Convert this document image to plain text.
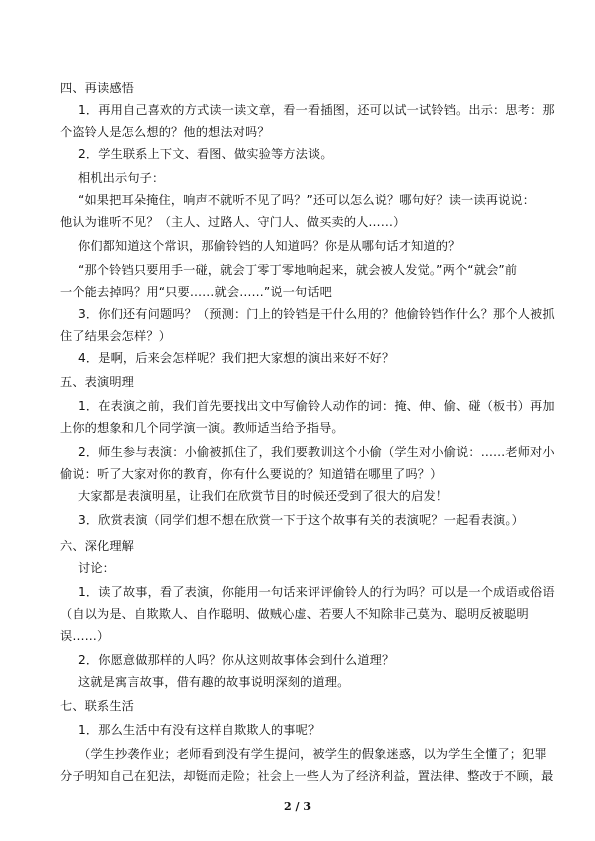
四、再读感悟
1．再用自己喜欢的方式读一读文章，看一看插图，还可以试一试铃铛。出示：思考：那
个盗铃人是怎么想的？他的想法对吗？
2．学生联系上下文、看图、做实验等方法谈。
相机出示句子：
“如果把耳朵掩住，响声不就听不见了吗？”还可以怎么说？哪句好？读一读再说说：
他认为谁听不见？（主人、过路人、守门人、做买卖的人……）
你们都知道这个常识，那偷铃铛的人知道吗？你是从哪句话才知道的？
“那个铃铛只要用手一碰，就会丁零丁零地响起来，就会被人发觉。”两个“就会”前
一个能去掉吗？用“只要……就会……”说一句话吧
3．你们还有问题吗？（预测：门上的铃铛是干什么用的？他偷铃铛作什么？那个人被抓
住了结果会怎样？）
4．是啊，后来会怎样呢？我们把大家想的演出来好不好？
五、表演明理
1．在表演之前，我们首先要找出文中写偷铃人动作的词：掩、伸、偷、碰（板书）再加
上你的想象和几个同学演一演。教师适当给予指导。
2．师生参与表演：小偷被抓住了，我们要教训这个小偷（学生对小偷说：……老师对小
偷说：听了大家对你的教育，你有什么要说的？知道错在哪里了吗？）
大家都是表演明星，让我们在欣赏节目的时候还受到了很大的启发！
3．欣赏表演（同学们想不想在欣赏一下于这个故事有关的表演呢？一起看表演。）
六、深化理解
讨论：
1．读了故事，看了表演，你能用一句话来评评偷铃人的行为吗？可以是一个成语或俗语
（自以为是、自欺欺人、自作聪明、做贼心虚、若要人不知除非己莫为、聪明反被聪明
误……）
2．你愿意做那样的人吗？你从这则故事体会到什么道理？
这就是寓言故事，借有趣的故事说明深刻的道理。
七、联系生活
1．那么生活中有没有这样自欺欺人的事呢？
（学生抄袭作业；老师看到没有学生提问，被学生的假象迷惑，以为学生全懂了；犯罪
分子明知自己在犯法，却铤而走险；社会上一些人为了经济利益，置法律、整改于不顾，最
2 / 3
